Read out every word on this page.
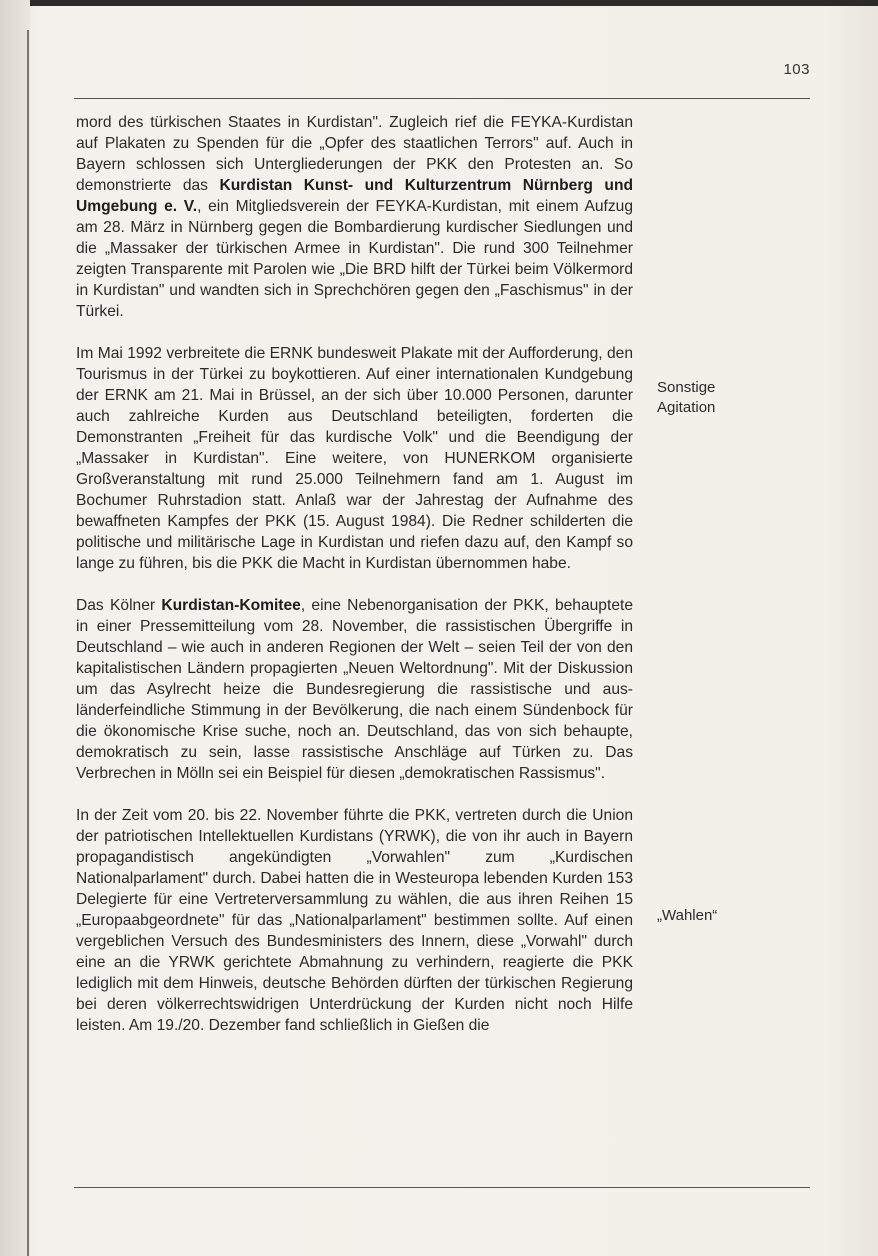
103

mord des türkischen Staates in Kurdistan". Zugleich rief die FEYKA-Kurdistan auf Plakaten zu Spenden für die „Opfer des staatlichen Terrors" auf. Auch in Bayern schlossen sich Untergliederungen der PKK den Protesten an. So demonstrierte das Kurdistan Kunst- und Kulturzentrum Nürnberg und Umgebung e. V., ein Mitgliedsverein der FEYKA-Kurdistan, mit einem Aufzug am 28. März in Nürnberg gegen die Bombardierung kurdischer Siedlungen und die „Massaker der türkischen Armee in Kurdistan". Die rund 300 Teilnehmer zeigten Transparente mit Parolen wie „Die BRD hilft der Türkei beim Völkermord in Kurdistan" und wandten sich in Sprechchören gegen den „Faschismus" in der Türkei.

Im Mai 1992 verbreitete die ERNK bundesweit Plakate mit der Aufforderung, den Tourismus in der Türkei zu boykottieren. Auf einer internationalen Kundgebung der ERNK am 21. Mai in Brüssel, an der sich über 10.000 Personen, darunter auch zahlreiche Kurden aus Deutschland beteiligten, forderten die Demonstranten „Freiheit für das kurdische Volk" und die Beendigung der „Massaker in Kurdistan". Eine weitere, von HUNERKOM organisierte Großveranstaltung mit rund 25.000 Teilnehmern fand am 1. August im Bochumer Ruhrstadion statt. Anlaß war der Jahrestag der Aufnahme des bewaffneten Kampfes der PKK (15. August 1984). Die Redner schilderten die politische und militärische Lage in Kurdistan und riefen dazu auf, den Kampf so lange zu führen, bis die PKK die Macht in Kurdistan übernommen habe.

Das Kölner Kurdistan-Komitee, eine Nebenorganisation der PKK, behauptete in einer Pressemitteilung vom 28. November, die rassistischen Übergriffe in Deutschland – wie auch in anderen Regionen der Welt – seien Teil der von den kapitalistischen Ländern propagierten „Neuen Weltordnung". Mit der Diskussion um das Asylrecht heize die Bundesregierung die rassistische und ausländerfeindliche Stimmung in der Bevölkerung, die nach einem Sündenbock für die ökonomische Krise suche, noch an. Deutschland, das von sich behaupte, demokratisch zu sein, lasse rassistische Anschläge auf Türken zu. Das Verbrechen in Mölln sei ein Beispiel für diesen „demokratischen Rassismus".

In der Zeit vom 20. bis 22. November führte die PKK, vertreten durch die Union der patriotischen Intellektuellen Kurdistans (YRWK), die von ihr auch in Bayern propagandistisch angekündigten „Vorwahlen" zum „Kurdischen Nationalparlament" durch. Dabei hatten die in Westeuropa lebenden Kurden 153 Delegierte für eine Vertreterversammlung zu wählen, die aus ihren Reihen 15 „Europaabgeordnete" für das „Nationalparlament" bestimmen sollte. Auf einen vergeblichen Versuch des Bundesministers des Innern, diese „Vorwahl" durch eine an die YRWK gerichtete Abmahnung zu verhindern, reagierte die PKK lediglich mit dem Hinweis, deutsche Behörden dürften der türkischen Regierung bei deren völkerrechtswidrigen Unterdrückung der Kurden nicht noch Hilfe leisten. Am 19./20. Dezember fand schließlich in Gießen die

Sonstige
Agitation
„Wahlen“
